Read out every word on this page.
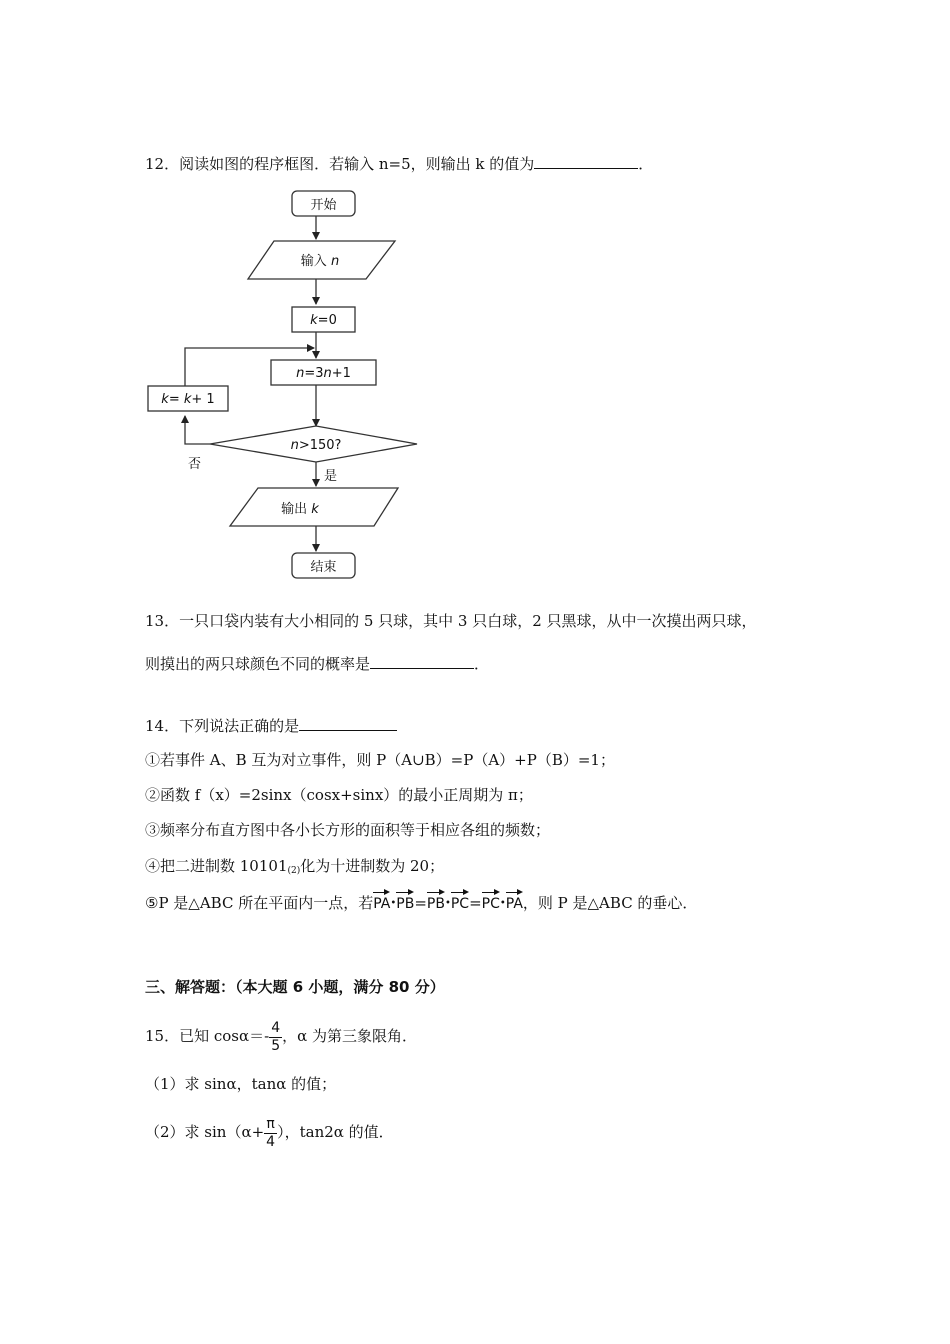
12．阅读如图的程序框图．若输入 n=5，则输出 k 的值为	．
开始
输入 n
k=0
n=3n+1
k= k+ 1
n>150?
否
是
输出 k
结束
13．一只口袋内装有大小相同的 5 只球，其中 3 只白球，2 只黑球，从中一次摸出两只球，
则摸出的两只球颜色不同的概率是	．
14．下列说法正确的是
①若事件 A、B 互为对立事件，则 P（A∪B）=P（A）+P（B）=1；
②函数 f（x）=2sinx（cosx+sinx）的最小正周期为 π；
③频率分布直方图中各小长方形的面积等于相应各组的频数；
④把二进制数 $10101_{(2)}$化为十进制数为 20；
⑤P 是△ABC 所在平面内一点，若PA•PB=PB•PC=PC•PA，则 P 是△ABC 的垂心．
三、解答题：（本大题 6 小题，满分 80 分）
15．已知 $\cos\alpha=- \frac{4}{5}$ ，α 为第三象限角．
（1）求 sinα，tanα 的值；
（2）求 $\sin(\alpha+ \frac{\pi}{4}$ ），tan2α 的值．
